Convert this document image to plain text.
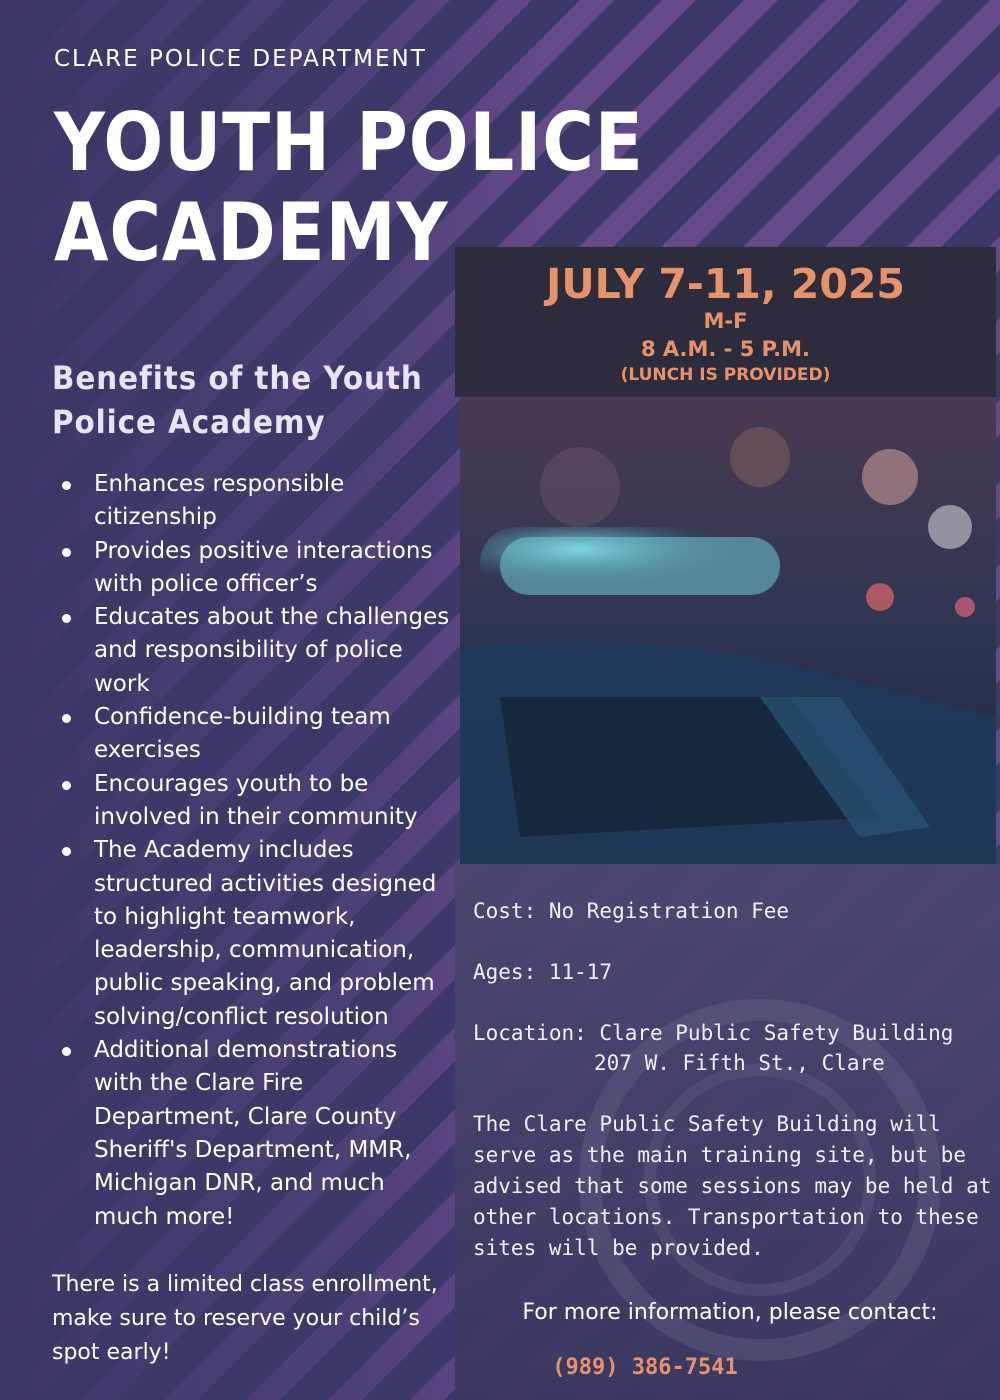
CLARE POLICE DEPARTMENT
YOUTH POLICE
ACADEMY
JULY 7-11, 2025
M-F
8 A.M. - 5 P.M.
(LUNCH IS PROVIDED)
Benefits of the Youth
Police Academy
Enhances responsible citizenship
Provides positive interactions with police officer’s
Educates about the challenges and responsibility of police work
Confidence-building team exercises
Encourages youth to be involved in their community
The Academy includes structured activities designed to highlight teamwork, leadership, communication, public speaking, and problem solving/conflict resolution
Additional demonstrations with the Clare Fire Department, Clare County Sheriff's Department, MMR, Michigan DNR, and much much more!
There is a limited class enrollment, make sure to reserve your child’s spot early!
Cost: No Registration Fee
Ages: 11-17
Location: Clare Public Safety Building
207 W. Fifth St., Clare
The Clare Public Safety Building will serve as the main training site, but be advised that some sessions may be held at other locations. Transportation to these sites will be provided.
For more information, please contact:
(989) 386-7541
